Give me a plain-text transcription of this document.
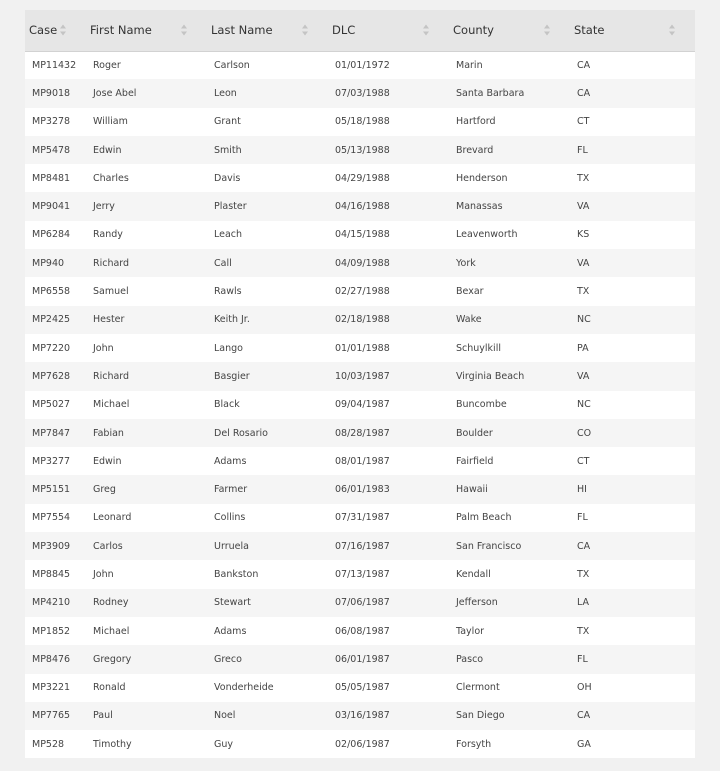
Case	First Name	Last Name	DLC	County	State

MP11432	Roger	Carlson	01/01/1972	Marin	CA
MP9018	Jose Abel	Leon	07/03/1988	Santa Barbara	CA
MP3278	William	Grant	05/18/1988	Hartford	CT
MP5478	Edwin	Smith	05/13/1988	Brevard	FL
MP8481	Charles	Davis	04/29/1988	Henderson	TX
MP9041	Jerry	Plaster	04/16/1988	Manassas	VA
MP6284	Randy	Leach	04/15/1988	Leavenworth	KS
MP940	Richard	Call	04/09/1988	York	VA
MP6558	Samuel	Rawls	02/27/1988	Bexar	TX
MP2425	Hester	Keith Jr.	02/18/1988	Wake	NC
MP7220	John	Lango	01/01/1988	Schuylkill	PA
MP7628	Richard	Basgier	10/03/1987	Virginia Beach	VA
MP5027	Michael	Black	09/04/1987	Buncombe	NC
MP7847	Fabian	Del Rosario	08/28/1987	Boulder	CO
MP3277	Edwin	Adams	08/01/1987	Fairfield	CT
MP5151	Greg	Farmer	06/01/1983	Hawaii	HI
MP7554	Leonard	Collins	07/31/1987	Palm Beach	FL
MP3909	Carlos	Urruela	07/16/1987	San Francisco	CA
MP8845	John	Bankston	07/13/1987	Kendall	TX
MP4210	Rodney	Stewart	07/06/1987	Jefferson	LA
MP1852	Michael	Adams	06/08/1987	Taylor	TX
MP8476	Gregory	Greco	06/01/1987	Pasco	FL
MP3221	Ronald	Vonderheide	05/05/1987	Clermont	OH
MP7765	Paul	Noel	03/16/1987	San Diego	CA
MP528	Timothy	Guy	02/06/1987	Forsyth	GA
